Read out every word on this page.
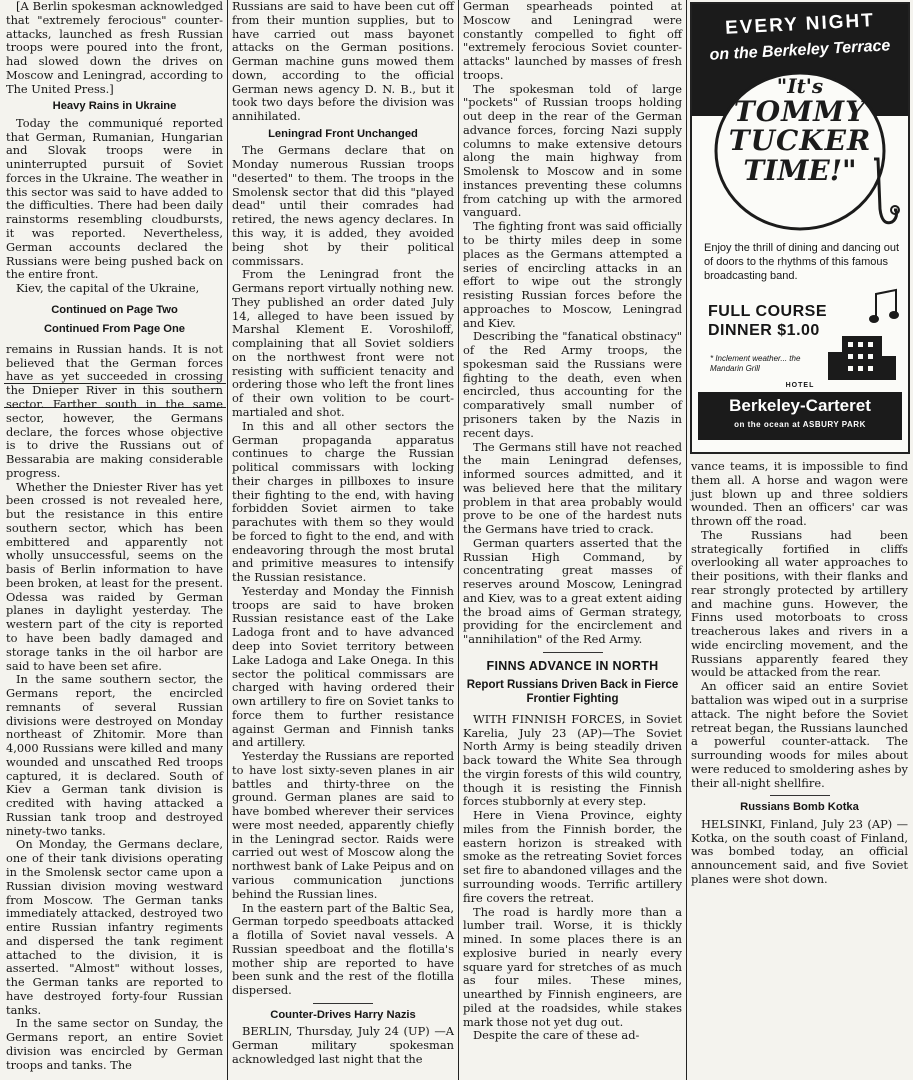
[A Berlin spokesman acknowledged that "extremely ferocious" counter-attacks, launched as fresh Russian troops were poured into the front, had slowed down the drives on Moscow and Leningrad, according to The United Press.]

Heavy Rains in Ukraine

Today the communiqué reported that German, Rumanian, Hungarian and Slovak troops were in uninterrupted pursuit of Soviet forces in the Ukraine. The weather in this sector was said to have added to the difficulties. There had been daily rainstorms resembling cloudbursts, it was reported. Nevertheless, German accounts declared the Russians were being pushed back on the entire front.

Kiev, the capital of the Ukraine,

Continued on Page Two
Continued From Page One

remains in Russian hands. It is not believed that the German forces have as yet succeeded in crossing the Dnieper River in this southern sector. Farther south in the same sector, however, the Germans declare, the forces whose objective is to drive the Russians out of Bessarabia are making considerable progress.

Whether the Dniester River has yet been crossed is not revealed here, but the resistance in this entire southern sector, which has been embittered and apparently not wholly unsuccessful, seems on the basis of Berlin information to have been broken, at least for the present. Odessa was raided by German planes in daylight yesterday. The western part of the city is reported to have been badly damaged and storage tanks in the oil harbor are said to have been set afire.

In the same southern sector, the Germans report, the encircled remnants of several Russian divisions were destroyed on Monday northeast of Zhitomir. More than 4,000 Russians were killed and many wounded and unscathed Red troops captured, it is declared. South of Kiev a German tank division is credited with having attacked a Russian tank troop and destroyed ninety-two tanks.

On Monday, the Germans declare, one of their tank divisions operating in the Smolensk sector came upon a Russian division moving westward from Moscow. The German tanks immediately attacked, destroyed two entire Russian infantry regiments and dispersed the tank regiment attached to the division, it is asserted. "Almost" without losses, the German tanks are reported to have destroyed forty-four Russian tanks.

In the same sector on Sunday, the Germans report, an entire Soviet division was encircled by German troops and tanks. The

Russians are said to have been cut off from their muntion supplies, but to have carried out mass bayonet attacks on the German positions. German machine guns mowed them down, according to the official German news agency D. N. B., but it took two days before the division was annihilated.

Leningrad Front Unchanged

The Germans declare that on Monday numerous Russian troops "deserted" to them. The troops in the Smolensk sector that did this "played dead" until their comrades had retired, the news agency declares. In this way, it is added, they avoided being shot by their political commissars.

From the Leningrad front the Germans report virtually nothing new. They published an order dated July 14, alleged to have been issued by Marshal Klement E. Voroshiloff, complaining that all Soviet soldiers on the northwest front were not resisting with sufficient tenacity and ordering those who left the front lines of their own volition to be court-martialed and shot.

In this and all other sectors the German propaganda apparatus continues to charge the Russian political commissars with locking their charges in pillboxes to insure their fighting to the end, with having forbidden Soviet airmen to take parachutes with them so they would be forced to fight to the end, and with endeavoring through the most brutal and primitive measures to intensify the Russian resistance.

Yesterday and Monday the Finnish troops are said to have broken Russian resistance east of the Lake Ladoga front and to have advanced deep into Soviet territory between Lake Ladoga and Lake Onega. In this sector the political commissars are charged with having ordered their own artillery to fire on Soviet tanks to force them to further resistance against German and Finnish tanks and artillery.

Yesterday the Russians are reported to have lost sixty-seven planes in air battles and thirty-three on the ground. German planes are said to have bombed wherever their services were most needed, apparently chiefly in the Leningrad sector. Raids were carried out west of Moscow along the northwest bank of Lake Peipus and on various communication junctions behind the Russian lines.

In the eastern part of the Baltic Sea, German torpedo speedboats attacked a flotilla of Soviet naval vessels. A Russian speedboat and the flotilla's mother ship are reported to have been sunk and the rest of the flotilla dispersed.

Counter-Drives Harry Nazis

BERLIN, Thursday, July 24 (UP) —A German military spokesman acknowledged last night that the

German spearheads pointed at Moscow and Leningrad were constantly compelled to fight off "extremely ferocious Soviet counter-attacks" launched by masses of fresh troops.

The spokesman told of large "pockets" of Russian troops holding out deep in the rear of the German advance forces, forcing Nazi supply columns to make extensive detours along the main highway from Smolensk to Moscow and in some instances preventing these columns from catching up with the armored vanguard.

The fighting front was said officially to be thirty miles deep in some places as the Germans attempted a series of encircling attacks in an effort to wipe out the strongly resisting Russian forces before the approaches to Moscow, Leningrad and Kiev.

Describing the "fanatical obstinacy" of the Red Army troops, the spokesman said the Russians were fighting to the death, even when encircled, thus accounting for the comparatively small number of prisoners taken by the Nazis in recent days.

The Germans still have not reached the main Leningrad defenses, informed sources admitted, and it was believed here that the military problem in that area probably would prove to be one of the hardest nuts the Germans have tried to crack.

German quarters asserted that the Russian High Command, by concentrating great masses of reserves around Moscow, Leningrad and Kiev, was to a great extent aiding the broad aims of German strategy, providing for the encirclement and "annihilation" of the Red Army.

FINNS ADVANCE IN NORTH
Report Russians Driven Back in Fierce Frontier Fighting

WITH FINNISH FORCES, in Soviet Karelia, July 23 (AP)—The Soviet North Army is being steadily driven back toward the White Sea through the virgin forests of this wild country, though it is resisting the Finnish forces stubbornly at every step.

Here in Viena Province, eighty miles from the Finnish border, the eastern horizon is streaked with smoke as the retreating Soviet forces set fire to abandoned villages and the surrounding woods. Terrific artillery fire covers the retreat.

The road is hardly more than a lumber trail. Worse, it is thickly mined. In some places there is an explosive buried in nearly every square yard for stretches of as much as four miles. These mines, unearthed by Finnish engineers, are piled at the roadsides, while stakes mark those not yet dug out.

Despite the care of these ad-

EVERY NIGHT
on the Berkeley Terrace
"It's
TOMMY
TUCKER
TIME!"
Enjoy the thrill of dining and dancing out of doors to the rhythms of this famous broadcasting band.
FULL COURSE
DINNER $1.00
* Inclement weather... the Mandarin Grill
HOTEL
Berkeley-Carteret
on the ocean at ASBURY PARK

vance teams, it is impossible to find them all. A horse and wagon were just blown up and three soldiers wounded. Then an officers' car was thrown off the road.

The Russians had been strategically fortified in cliffs overlooking all water approaches to their positions, with their flanks and rear strongly protected by artillery and machine guns. However, the Finns used motorboats to cross treacherous lakes and rivers in a wide encircling movement, and the Russians apparently feared they would be attacked from the rear.

An officer said an entire Soviet battalion was wiped out in a surprise attack. The night before the Soviet retreat began, the Russians launched a powerful counter-attack. The surrounding woods for miles about were reduced to smoldering ashes by their all-night shellfire.

Russians Bomb Kotka

HELSINKI, Finland, July 23 (AP) —Kotka, on the south coast of Finland, was bombed today, an official announcement said, and five Soviet planes were shot down.
